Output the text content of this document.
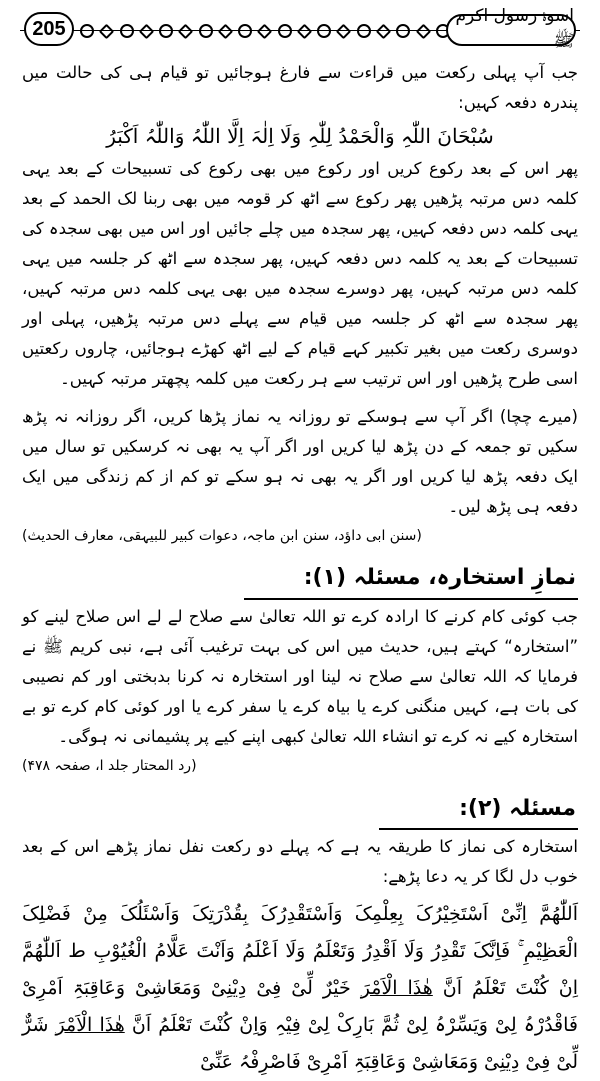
205
اسوۂ رسول اکرم ﷺ

جب آپ پہلی رکعت میں قراءت سے فارغ ہوجائیں تو قیام ہی کی حالت میں پندرہ دفعہ کہیں:

سُبْحَانَ اللّٰہِ وَالْحَمْدُ لِلّٰہِ وَلَا اِلٰہَ اِلَّا اللّٰہُ وَاللّٰہُ اَکْبَرُ

پھر اس کے بعد رکوع کریں اور رکوع میں بھی رکوع کی تسبیحات کے بعد یہی کلمہ دس مرتبہ پڑھیں پھر رکوع سے اٹھ کر قومہ میں بھی ربنا لک الحمد کے بعد یہی کلمہ دس دفعہ کہیں، پھر سجدہ میں چلے جائیں اور اس میں بھی سجدہ کی تسبیحات کے بعد یہ کلمہ دس دفعہ کہیں، پھر سجدہ سے اٹھ کر جلسہ میں یہی کلمہ دس مرتبہ کہیں، پھر دوسرے سجدہ میں بھی یہی کلمہ دس مرتبہ کہیں، پھر سجدہ سے اٹھ کر جلسہ میں قیام سے پہلے دس مرتبہ پڑھیں، پہلی اور دوسری رکعت میں بغیر تکبیر کہے قیام کے لیے اٹھ کھڑے ہوجائیں، چاروں رکعتیں اسی طرح پڑھیں اور اس ترتیب سے ہر رکعت میں کلمہ پچھتر مرتبہ کہیں۔

(میرے چچا) اگر آپ سے ہوسکے تو روزانہ یہ نماز پڑھا کریں، اگر روزانہ نہ پڑھ سکیں تو جمعہ کے دن پڑھ لیا کریں اور اگر آپ یہ بھی نہ کرسکیں تو سال میں ایک دفعہ پڑھ لیا کریں اور اگر یہ بھی نہ ہو سکے تو کم از کم زندگی میں ایک دفعہ ہی پڑھ لیں۔

(سنن ابی داؤد، سنن ابن ماجہ، دعوات کبیر للبیہقی، معارف الحدیث)

نمازِ استخارہ، مسئلہ (۱):

جب کوئی کام کرنے کا ارادہ کرے تو اللہ تعالیٰ سے صلاح لے لے اس صلاح لینے کو ”استخارہ“ کہتے ہیں، حدیث میں اس کی بہت ترغیب آئی ہے، نبی کریم ﷺ نے فرمایا کہ اللہ تعالیٰ سے صلاح نہ لینا اور استخارہ نہ کرنا بدبختی اور کم نصیبی کی بات ہے، کہیں منگنی کرے یا بیاہ کرے یا سفر کرے یا اور کوئی کام کرے تو بے استخارہ کیے نہ کرے تو انشاء اللہ تعالیٰ کبھی اپنے کیے پر پشیمانی نہ ہوگی۔

(رد المحتار جلد ا، صفحہ ۴۷۸)

مسئلہ (۲):

استخارہ کی نماز کا طریقہ یہ ہے کہ پہلے دو رکعت نفل نماز پڑھے اس کے بعد خوب دل لگا کر یہ دعا پڑھے:

اَللّٰھُمَّ اِنِّیْ اَسْتَخِیْرُکَ بِعِلْمِکَ وَاَسْتَقْدِرُکَ بِقُدْرَتِکَ وَاَسْئَلُکَ مِنْ فَضْلِکَ الْعَظِیْمِ ۚ فَاِنَّکَ تَقْدِرُ وَلَا اَقْدِرُ وَتَعْلَمُ وَلَا اَعْلَمُ وَاَنْتَ عَلَّامُ الْغُیُوْبِ ط اَللّٰھُمَّ اِنْ کُنْتَ تَعْلَمُ اَنَّ ھٰذَا الْاَمْرَ خَیْرٌ لِّیْ فِیْ دِیْنِیْ وَمَعَاشِیْ وَعَاقِبَۃِ اَمْرِیْ فَاقْدُرْہُ لِیْ وَیَسِّرْہُ لِیْ ثُمَّ بَارِکْ لِیْ فِیْہِ وَاِنْ کُنْتَ تَعْلَمُ اَنَّ ھٰذَا الْاَمْرَ شَرٌّ لِّیْ فِیْ دِیْنِیْ وَمَعَاشِیْ وَعَاقِبَۃِ اَمْرِیْ فَاصْرِفْہُ عَنِّیْ
